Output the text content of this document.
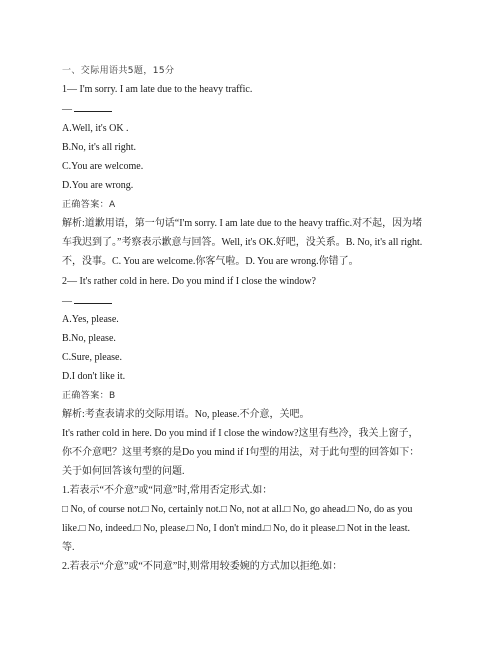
一、交际用语共5题，15分
1— I'm sorry. I am late due to the heavy traffic.
—
A.Well, it's OK .
B.No, it's all right.
C.You are welcome.
D.You are wrong.
正确答案：A
解析:道歉用语，第一句话“I'm sorry. I am late due to the heavy traffic.对不起，因为堵
车我迟到了。”考察表示歉意与回答。Well, it's OK.好吧，没关系。B. No, it's all right.
不，没事。C. You are welcome.你客气啦。D. You are wrong.你错了。
2— It's rather cold in here. Do you mind if I close the window?
—
A.Yes, please.
B.No, please.
C.Sure, please.
D.I don't like it.
正确答案：B
解析:考查表请求的交际用语。No, please.不介意，关吧。
It's rather cold in here. Do you mind if I close the window?这里有些冷，我关上窗子，
你不介意吧？这里考察的是Do you mind if I句型的用法，对于此句型的回答如下：
关于如何回答该句型的问题.
1.若表示“不介意”或“同意”时,常用否定形式.如：
□ No, of course not.□ No, certainly not.□ No, not at all.□ No, go ahead.□ No, do as you
like.□ No, indeed.□ No, please.□ No, I don't mind.□ No, do it please.□ Not in the least.
等.
2.若表示“介意”或“不同意”时,则常用较委婉的方式加以拒绝.如：
